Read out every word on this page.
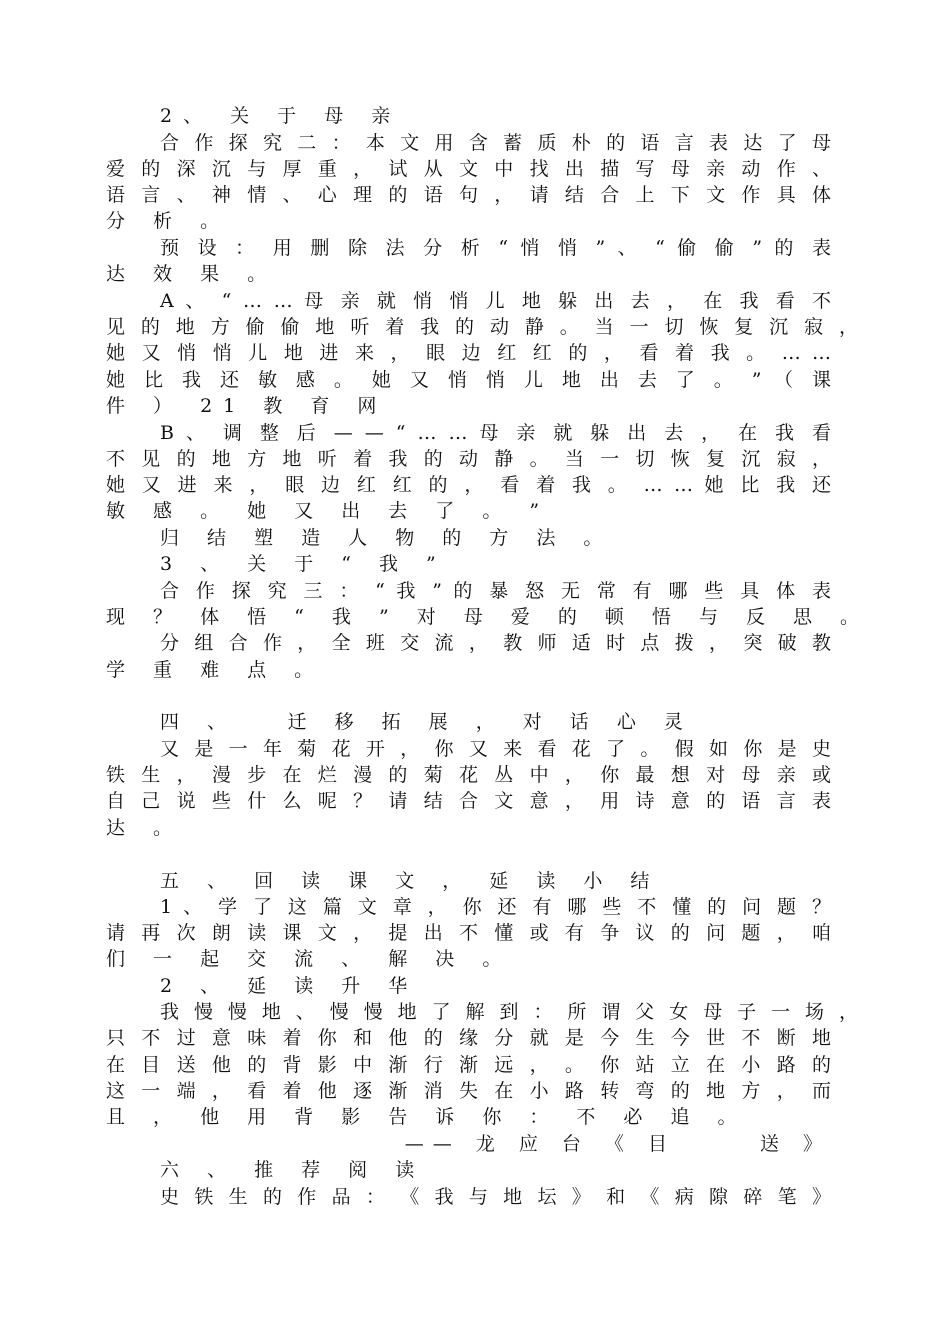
2、 关 于 母 亲
合 作 探 究 二 ： 本 文 用 含 蓄 质 朴 的 语 言 表 达 了 母
爱 的 深 沉 与 厚 重 ， 试 从 文 中 找 出 描 写 母 亲 动 作 、
语 言 、 神 情 、 心 理 的 语 句 ， 请 结 合 上 下 文 作 具 体
分 析 。
预 设 ： 用 删 除 法 分 析 “ 悄 悄 ” 、 “ 偷 偷 ” 的 表
达 效 果 。
A 、 “ … … 母 亲 就 悄 悄 儿 地 躲 出 去 ， 在 我 看 不
见 的 地 方 偷 偷 地 听 着 我 的 动 静 。 当 一 切 恢 复 沉 寂 ，
她 又 悄 悄 儿 地 进 来 ， 眼 边 红 红 的 ， 看 着 我 。 … …
她 比 我 还 敏 感 。 她 又 悄 悄 儿 地 出 去 了 。 ” （ 课
件 ） 21 教 育 网
B 、 调 整 后 — — “ … … 母 亲 就 躲 出 去 ， 在 我 看
不 见 的 地 方 地 听 着 我 的 动 静 。 当 一 切 恢 复 沉 寂 ，
她 又 进 来 ， 眼 边 红 红 的 ， 看 着 我 。 … … 她 比 我 还
敏 感 。 她 又 出 去 了 。 ”
归 结 塑 造 人 物 的 方 法 。
3 、 关 于 “ 我 ”
合 作 探 究 三 ： “ 我 ” 的 暴 怒 无 常 有 哪 些 具 体 表
现 ？ 体 悟 “ 我 ” 对 母 爱 的 顿 悟 与 反 思 。
分 组 合 作 ， 全 班 交 流 ， 教 师 适 时 点 拨 ， 突 破 教
学 重 难 点 。
四 、　　迁 移 拓 展 ， 对 话 心 灵
又 是 一 年 菊 花 开 ， 你 又 来 看 花 了 。 假 如 你 是 史
铁 生 ， 漫 步 在 烂 漫 的 菊 花 丛 中 ， 你 最 想 对 母 亲 或
自 己 说 些 什 么 呢 ？ 请 结 合 文 意 ， 用 诗 意 的 语 言 表
达 。
五 、 回 读 课 文 ， 延 读 小 结
1 、 学 了 这 篇 文 章 ， 你 还 有 哪 些 不 懂 的 问 题 ？
请 再 次 朗 读 课 文 ， 提 出 不 懂 或 有 争 议 的 问 题 ， 咱
们 一 起 交 流 、 解 决 。
2 、 延 读 升 华
我 慢 慢 地 、 慢 慢 地 了 解 到 ： 所 谓 父 女 母 子 一 场 ，
只 不 过 意 味 着 你 和 他 的 缘 分 就 是 今 生 今 世 不 断 地
在 目 送 他 的 背 影 中 渐 行 渐 远 ， 。 你 站 立 在 小 路 的
这 一 端 ， 看 着 他 逐 渐 消 失 在 小 路 转 弯 的 地 方 ， 而
且 ， 他 用 背 影 告 诉 你 ： 不 必 追 。
—— 龙 应 台 《 目　　　送 》
六 、 推 荐 阅 读
史 铁 生 的 作 品 ： 《 我 与 地 坛 》 和 《 病 隙 碎 笔 》
